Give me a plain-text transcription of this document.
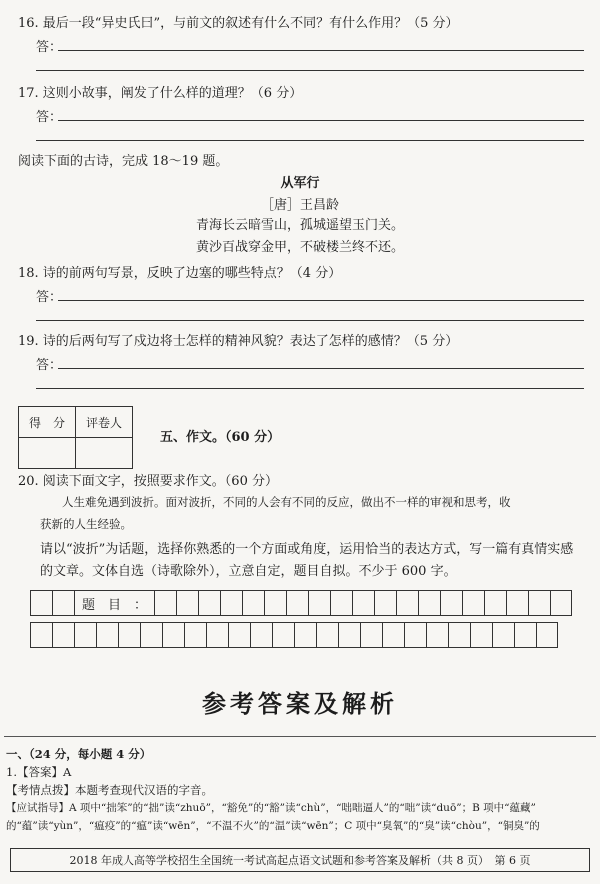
16. 最后一段“异史氏曰”，与前文的叙述有什么不同？有什么作用？（5 分）
答：
17. 这则小故事，阐发了什么样的道理？（6 分）
答：
阅读下面的古诗，完成 18～19 题。
从军行
［唐］王昌龄
青海长云暗雪山，孤城遥望玉门关。
黄沙百战穿金甲，不破楼兰终不还。
18. 诗的前两句写景，反映了边塞的哪些特点？（4 分）
答：
19. 诗的后两句写了戍边将士怎样的精神风貌？表达了怎样的感情？（5 分）
答：
得　分	评卷人

五、作文。（60 分）
20. 阅读下面文字，按照要求作文。（60 分）
人生难免遇到波折。面对波折，不同的人会有不同的反应，做出不一样的审视和思考，收
获新的人生经验。
请以“波折”为话题，选择你熟悉的一个方面或角度，运用恰当的表达方式，写一篇有真情实感
的文章。文体自选（诗歌除外），立意自定，题目自拟。不少于 600 字。
题　目　：
参考答案及解析
一、（24 分，每小题 4 分）
1.【答案】A
【考情点拨】本题考查现代汉语的字音。
【应试指导】A 项中“拙笨”的“拙”读“zhuō”，“豁免”的“豁”读“chù”，“咄咄逼人”的“咄”读“duō”；B 项中“蕴藏”
的“蕴”读“yùn”，“瘟疫”的“瘟”读“wēn”，“不温不火”的“温”读“wēn”；C 项中“臭氧”的“臭”读“chòu”，“铜臭”的
2018 年成人高等学校招生全国统一考试高起点语文试题和参考答案及解析（共 8 页）　第 6 页
